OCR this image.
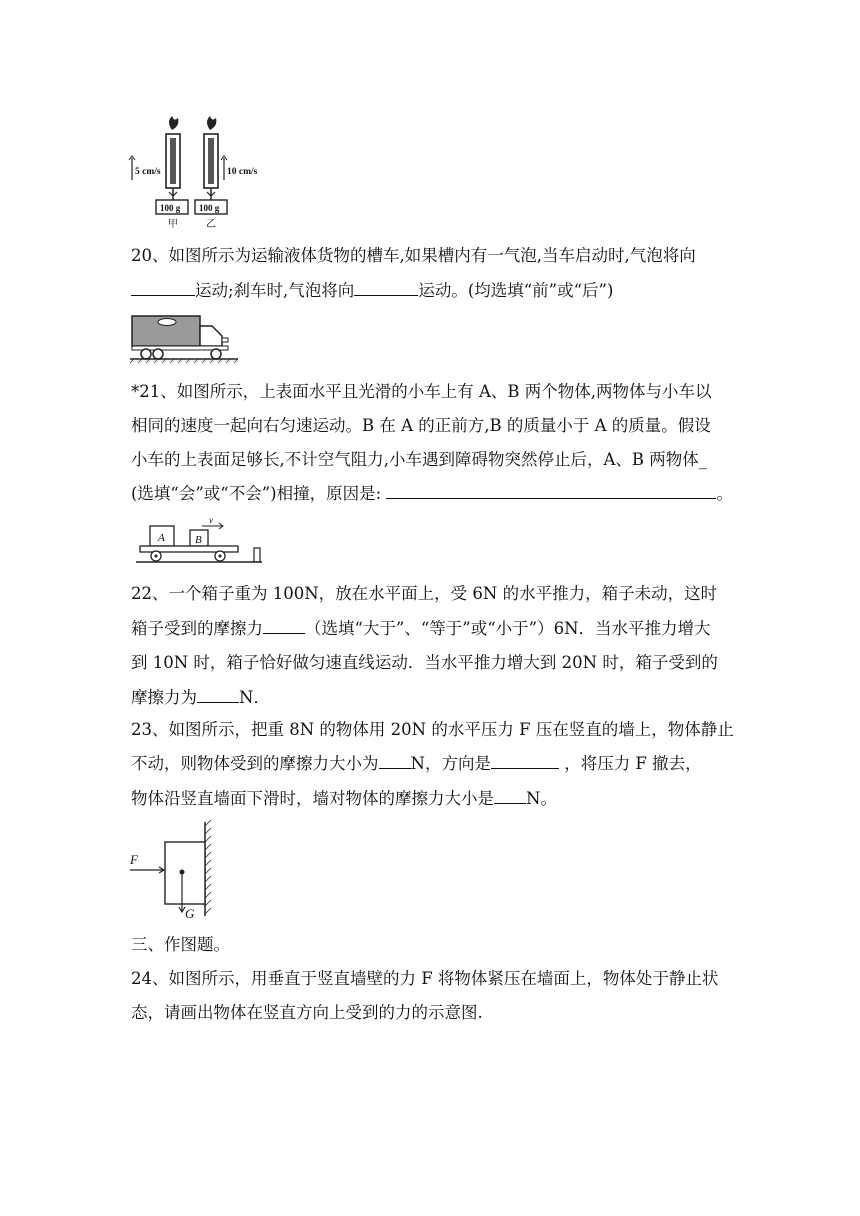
5 cm/s
100 g
甲
10 cm/s
100 g
乙
20、如图所示为运输液体货物的槽车,如果槽内有一气泡,当车启动时,气泡将向
运动;刹车时,气泡将向	运动。(均选填“前”或“后”)
*21、如图所示，上表面水平且光滑的小车上有 A、B 两个物体,两物体与小车以
相同的速度一起向右匀速运动。B 在 A 的正前方,B 的质量小于 A 的质量。假设
小车的上表面足够长,不计空气阻力,小车遇到障碍物突然停止后，A、B 两物体_
(选填“会”或“不会”)相撞，原因是:	。
A	B
v
22、一个箱子重为 100N，放在水平面上，受 6N 的水平推力，箱子未动，这时
箱子受到的摩擦力	（选填“大于”、“等于”或“小于”）6N．当水平推力增大
到 10N 时，箱子恰好做匀速直线运动．当水平推力增大到 20N 时，箱子受到的
摩擦力为	N．
23、如图所示，把重 8N 的物体用 20N 的水平压力 F 压在竖直的墙上，物体静止
不动，则物体受到的摩擦力大小为 N，方向是	，将压力 F 撤去，
物体沿竖直墙面下滑时，墙对物体的摩擦力大小是 N。
F
G
三、作图题。
24、如图所示，用垂直于竖直墙壁的力 F 将物体紧压在墙面上，物体处于静止状
态，请画出物体在竖直方向上受到的力的示意图.
